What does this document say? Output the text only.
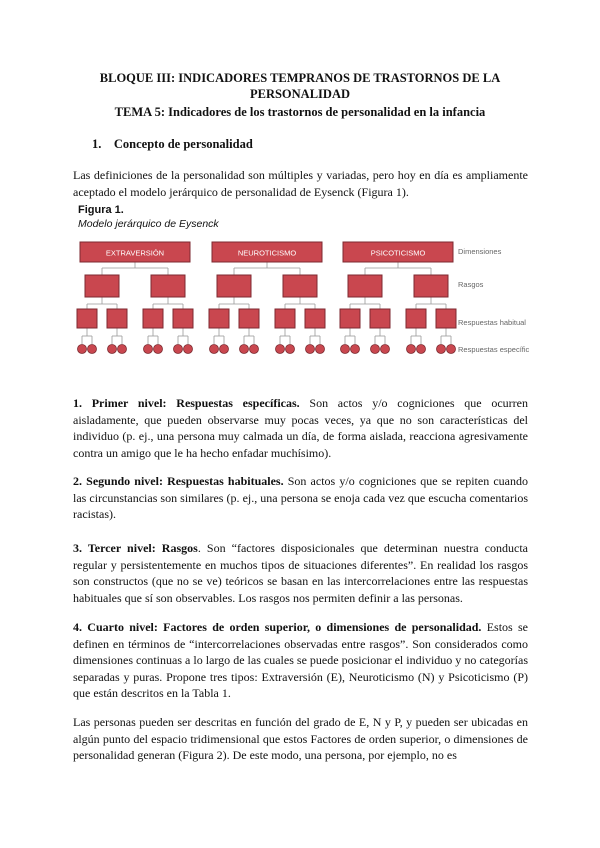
BLOQUE III: INDICADORES TEMPRANOS DE TRASTORNOS DE LA
PERSONALIDAD
TEMA 5: Indicadores de los trastornos de personalidad en la infancia
1.    Concepto de personalidad

Las definiciones de la personalidad son múltiples y variadas, pero hoy en día es ampliamente aceptado el modelo jerárquico de personalidad de Eysenck (Figura 1).

Figura 1.
Modelo jerárquico de Eysenck
EXTRAVERSIÓN	NEUROTICISMO	PSICOTICISMO	Dimensiones
Rasgos
Respuestas habitual
Respuestas específic

1. Primer nivel: Respuestas específicas. Son actos y/o cogniciones que ocurren aisladamente, que pueden observarse muy pocas veces, ya que no son características del individuo (p. ej., una persona muy calmada un día, de forma aislada, reacciona agresivamente contra un amigo que le ha hecho enfadar muchísimo).

2. Segundo nivel: Respuestas habituales. Son actos y/o cogniciones que se repiten cuando las circunstancias son similares (p. ej., una persona se enoja cada vez que escucha comentarios racistas).

3. Tercer nivel: Rasgos. Son “factores disposicionales que determinan nuestra conducta regular y persistentemente en muchos tipos de situaciones diferentes”. En realidad los rasgos son constructos (que no se ve) teóricos se basan en las intercorrelaciones entre las respuestas habituales que sí son observables. Los rasgos nos permiten definir a las personas.

4. Cuarto nivel: Factores de orden superior, o dimensiones de personalidad. Estos se definen en términos de “intercorrelaciones observadas entre rasgos”. Son considerados como dimensiones continuas a lo largo de las cuales se puede posicionar el individuo y no categorías separadas y puras. Propone tres tipos: Extraversión (E), Neuroticismo (N) y Psicoticismo (P) que están descritos en la Tabla 1.

Las personas pueden ser descritas en función del grado de E, N y P, y pueden ser ubicadas en algún punto del espacio tridimensional que estos Factores de orden superior, o dimensiones de personalidad generan (Figura 2). De este modo, una persona, por ejemplo, no es
